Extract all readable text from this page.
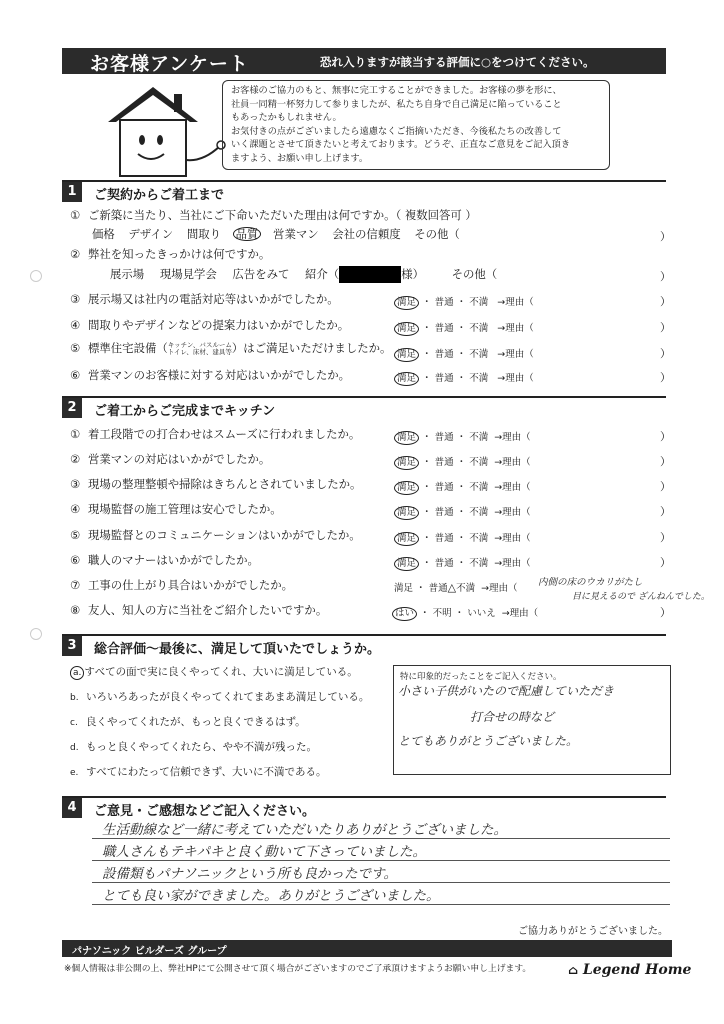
お客様アンケート	恐れ入りますが該当する評価に○をつけてください。
お客様のご協力のもと、無事に完工することができました。お客様の夢を形に、
社員一同精一杯努力して参りましたが、私たち自身で自己満足に陥っていること
もあったかもしれません。
お気付きの点がございましたら遠慮なくご指摘いただき、今後私たちの改善して
いく課題とさせて頂きたいと考えております。どうぞ、正直なご意見をご記入頂き
ますよう、お願い申し上げます。
1	ご契約からご着工まで
① ご新築に当たり、当社にご下命いただいた理由は何ですか。（ 複数回答可 ）
価格 デザイン 間取り 品質 営業マン 会社の信頼度 その他（	）
② 弊社を知ったきっかけは何ですか。
展示場 現場見学会 広告をみて 紹介（	様） その他（	）
③ 展示場又は社内の電話対応等はいかがでしたか。	満足 ・ 普通 ・ 不満 →理由（	）
④ 間取りやデザインなどの提案力はいかがでしたか。	満足 ・ 普通 ・ 不満 →理由（	）
⑤ 標準住宅設備（キッチン、バスルーム
トイレ、床材、建具等）はご満足いただけましたか。 満足 ・ 普通 ・ 不満 →理由（	）
⑥ 営業マンのお客様に対する対応はいかがでしたか。	満足 ・ 普通 ・ 不満 →理由（	）
2	ご着工からご完成までキッチン
① 着工段階での打合わせはスムーズに行われましたか。	満足 ・ 普通 ・ 不満 →理由（	）
② 営業マンの対応はいかがでしたか。	満足 ・ 普通 ・ 不満 →理由（	）
③ 現場の整理整頓や掃除はきちんとされていましたか。	満足 ・ 普通 ・ 不満 →理由（	）
④ 現場監督の施工管理は安心でしたか。	満足 ・ 普通 ・ 不満 →理由（	）
⑤ 現場監督とのコミュニケーションはいかがでしたか。	満足 ・ 普通 ・ 不満 →理由（	）
⑥ 職人のマナーはいかがでしたか。	満足 ・ 普通 ・ 不満 →理由（	）
⑦ 工事の仕上がり具合はいかがでしたか。	満足 ・ 普通△不満 →理由（
内側の床のウカリがたし
目に見えるので ざんねんでした。
⑧ 友人、知人の方に当社をご紹介したいですか。	はい ・ 不明 ・ いいえ →理由（	）
3	総合評価～最後に、満足して頂いたでしょうか。
a. すべての面で実に良くやってくれ、大いに満足している。
b. いろいろあったが良くやってくれてまあまあ満足している。
c. 良くやってくれたが、もっと良くできるはず。
d. もっと良くやってくれたら、やや不満が残った。
e. すべてにわたって信頼できず、大いに不満である。
特に印象的だったことをご記入ください。
小さい子供がいたので配慮していただき
打合せの時など
とてもありがとうございました。
4	ご意見・ご感想などご記入ください。
生活動線など一緒に考えていただいたりありがとうございました。
職人さんもテキパキと良く動いて下さっていました。
設備類もパナソニックという所も良かったです。
とても良い家ができました。ありがとうございました。
ご協力ありがとうございました。
パナソニック ビルダーズ グループ
※個人情報は非公開の上、弊社HPにて公開させて頂く場合がございますのでご了承頂けますようお願い申し上げます。	⌂ Legend Home
